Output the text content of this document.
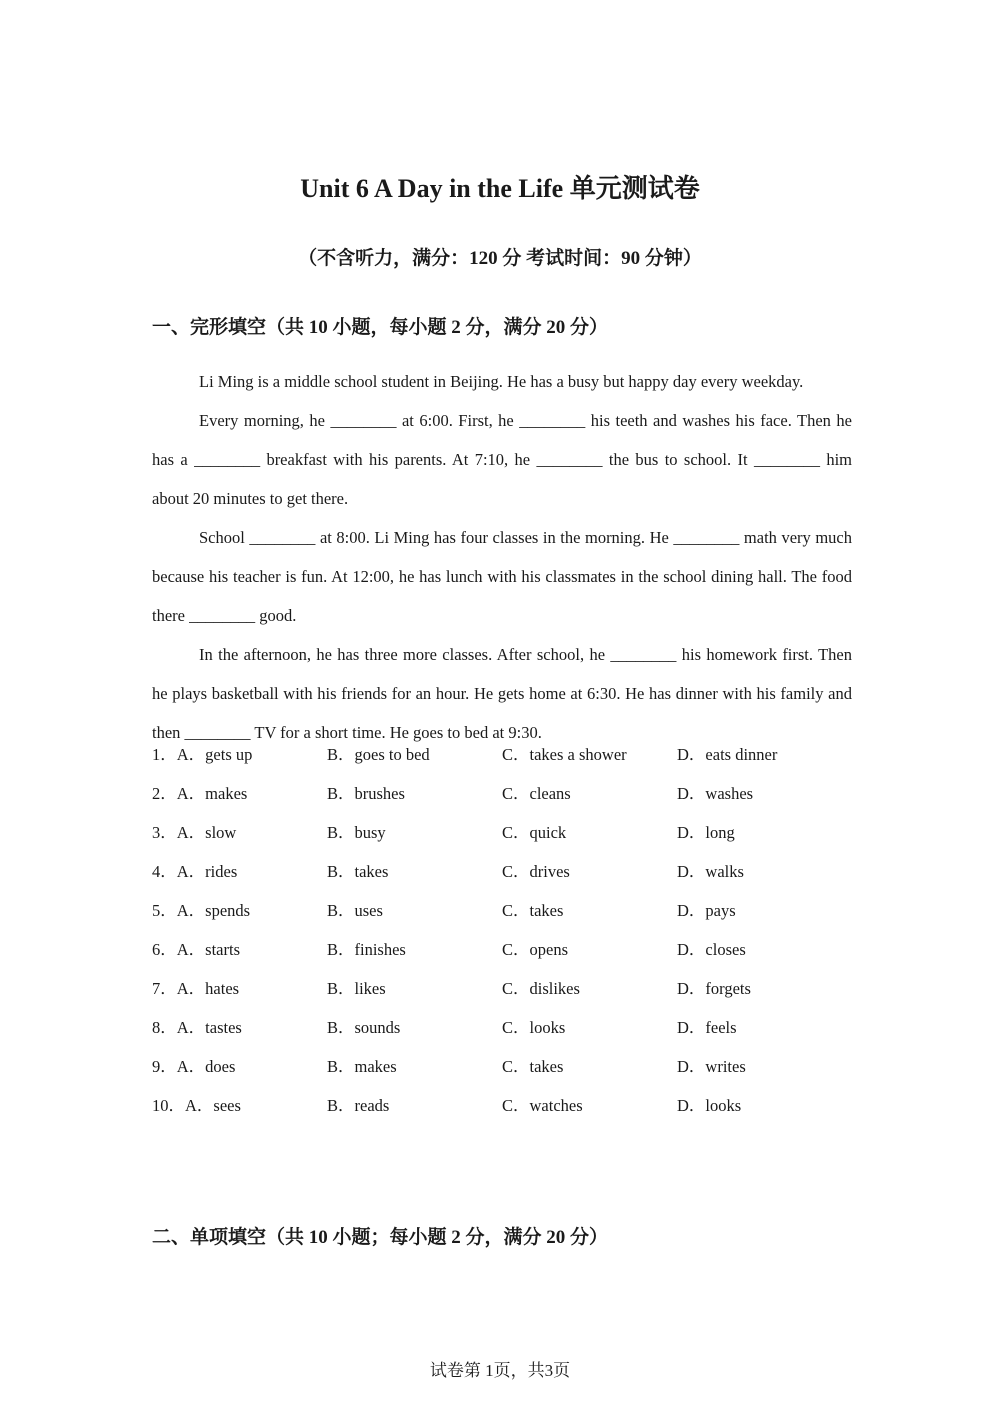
Unit 6 A Day in the Life 单元测试卷
（不含听力，满分：120 分 考试时间：90 分钟）
一、完形填空（共 10 小题，每小题 2 分，满分 20 分）

Li Ming is a middle school student in Beijing. He has a busy but happy day every weekday.

Every morning, he ________ at 6:00. First, he ________ his teeth and washes his face. Then he has a ________ breakfast with his parents. At 7:10, he ________ the bus to school. It ________ him about 20 minutes to get there.

School ________ at 8:00. Li Ming has four classes in the morning. He ________ math very much because his teacher is fun. At 12:00, he has lunch with his classmates in the school dining hall. The food there ________ good.

In the afternoon, he has three more classes. After school, he ________ his homework first. Then he plays basketball with his friends for an hour. He gets home at 6:30. He has dinner with his family and then ________ TV for a short time. He goes to bed at 9:30.

1．A．gets up	B．goes to bed	C．takes a shower	D．eats dinner
2．A．makes	B．brushes	C．cleans	D．washes
3．A．slow	B．busy	C．quick	D．long
4．A．rides	B．takes	C．drives	D．walks
5．A．spends	B．uses	C．takes	D．pays
6．A．starts	B．finishes	C．opens	D．closes
7．A．hates	B．likes	C．dislikes	D．forgets
8．A．tastes	B．sounds	C．looks	D．feels
9．A．does	B．makes	C．takes	D．writes
10．A．sees	B．reads	C．watches	D．looks
二、单项填空（共 10 小题；每小题 2 分，满分 20 分）
试卷第 1页，共3页
